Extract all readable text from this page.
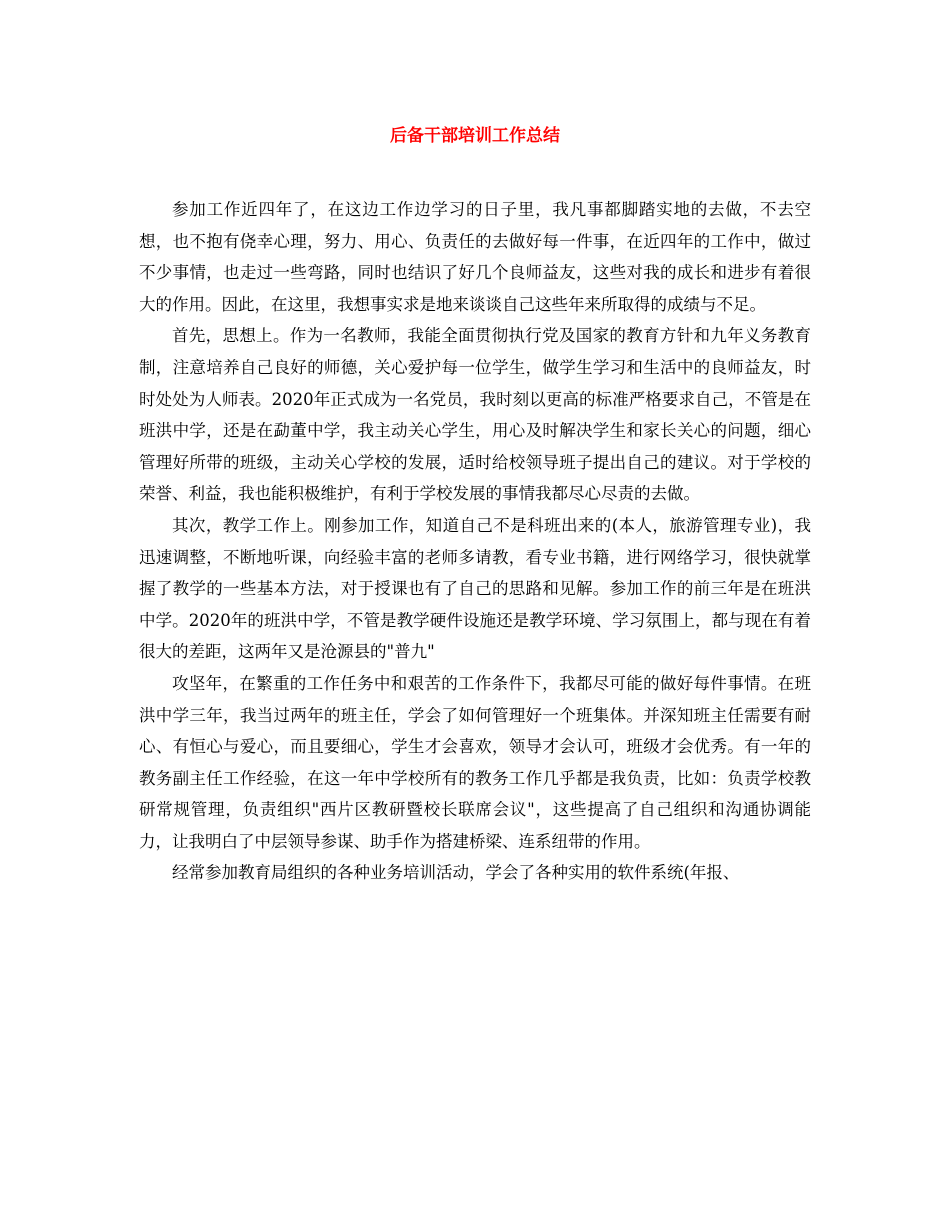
后备干部培训工作总结

参加工作近四年了，在这边工作边学习的日子里，我凡事都脚踏实地的去做，不去空想，也不抱有侥幸心理，努力、用心、负责任的去做好每一件事，在近四年的工作中，做过不少事情，也走过一些弯路，同时也结识了好几个良师益友，这些对我的成长和进步有着很大的作用。因此，在这里，我想事实求是地来谈谈自己这些年来所取得的成绩与不足。

首先，思想上。作为一名教师，我能全面贯彻执行党及国家的教育方针和九年义务教育制，注意培养自己良好的师德，关心爱护每一位学生，做学生学习和生活中的良师益友，时时处处为人师表。2020年正式成为一名党员，我时刻以更高的标准严格要求自己，不管是在班洪中学，还是在勐董中学，我主动关心学生，用心及时解决学生和家长关心的问题，细心管理好所带的班级，主动关心学校的发展，适时给校领导班子提出自己的建议。对于学校的荣誉、利益，我也能积极维护，有利于学校发展的事情我都尽心尽责的去做。

其次，教学工作上。刚参加工作，知道自己不是科班出来的(本人，旅游管理专业)，我迅速调整，不断地听课，向经验丰富的老师多请教，看专业书籍，进行网络学习，很快就掌握了教学的一些基本方法，对于授课也有了自己的思路和见解。参加工作的前三年是在班洪中学。2020年的班洪中学，不管是教学硬件设施还是教学环境、学习氛围上，都与现在有着很大的差距，这两年又是沧源县的"普九"

攻坚年，在繁重的工作任务中和艰苦的工作条件下，我都尽可能的做好每件事情。在班洪中学三年，我当过两年的班主任，学会了如何管理好一个班集体。并深知班主任需要有耐心、有恒心与爱心，而且要细心，学生才会喜欢，领导才会认可，班级才会优秀。有一年的教务副主任工作经验，在这一年中学校所有的教务工作几乎都是我负责，比如：负责学校教研常规管理，负责组织"西片区教研暨校长联席会议"，这些提高了自己组织和沟通协调能力，让我明白了中层领导参谋、助手作为搭建桥梁、连系纽带的作用。

经常参加教育局组织的各种业务培训活动，学会了各种实用的软件系统(年报、
